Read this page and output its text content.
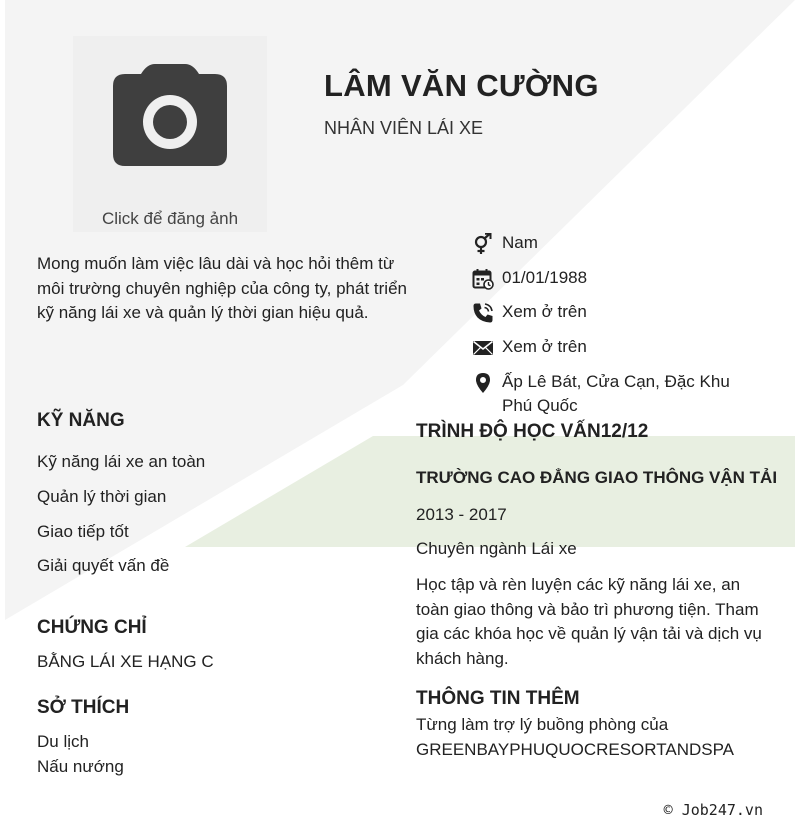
Click để đăng ảnh
LÂM VĂN CƯỜNG
NHÂN VIÊN LÁI XE
Mong muốn làm việc lâu dài và học hỏi thêm từ môi trường chuyên nghiệp của công ty, phát triển kỹ năng lái xe và quản lý thời gian hiệu quả.
Nam
01/01/1988
Xem ở trên
Xem ở trên
Ấp Lê Bát, Cửa Cạn, Đặc Khu Phú Quốc
KỸ NĂNG
Kỹ năng lái xe an toàn
Quản lý thời gian
Giao tiếp tốt
Giải quyết vấn đề
CHỨNG CHỈ
BẰNG LÁI XE HẠNG C
SỞ THÍCH
Du lịch
Nấu nướng
TRÌNH ĐỘ HỌC VẤN12/12
TRƯỜNG CAO ĐẲNG GIAO THÔNG VẬN TẢI
2013 - 2017
Chuyên ngành Lái xe
Học tập và rèn luyện các kỹ năng lái xe, an toàn giao thông và bảo trì phương tiện. Tham gia các khóa học về quản lý vận tải và dịch vụ khách hàng.
THÔNG TIN THÊM
Từng làm trợ lý buồng phòng của
GREENBAYPHUQUOCRESORTANDSPA
© Job247.vn
